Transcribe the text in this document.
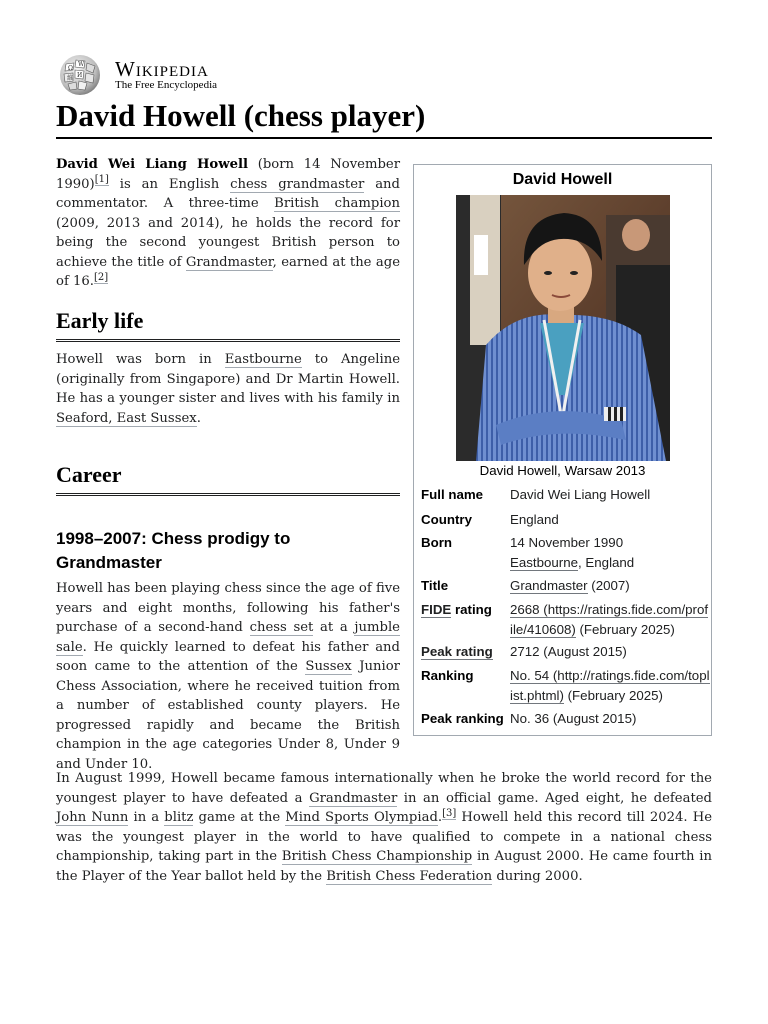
Ω
W
И
維 Wikipedia
The Free Encyclopedia
David Howell (chess player)

David Wei Liang Howell (born 14 November 1990)[1] is an English chess grandmaster and commentator. A three-time British champion (2009, 2013 and 2014), he holds the record for being the second youngest British person to achieve the title of Grandmaster, earned at the age of 16.[2]

Early life

Howell was born in Eastbourne to Angeline (originally from Singapore) and Dr Martin Howell. He has a younger sister and lives with his family in Seaford, East Sussex.

Career
1998–2007: Chess prodigy to Grandmaster

Howell has been playing chess since the age of five years and eight months, following his father's purchase of a second-hand chess set at a jumble sale. He quickly learned to defeat his father and soon came to the attention of the Sussex Junior Chess Association, where he received tuition from a number of established county players. He progressed rapidly and became the British champion in the age categories Under 8, Under 9 and Under 10.

In August 1999, Howell became famous internationally when he broke the world record for the youngest player to have defeated a Grandmaster in an official game. Aged eight, he defeated John Nunn in a blitz game at the Mind Sports Olympiad.[3] Howell held this record till 2024. He was the youngest player in the world to have qualified to compete in a national chess championship, taking part in the British Chess Championship in August 2000. He came fourth in the Player of the Year ballot held by the British Chess Federation during 2000.

David Howell
David Howell, Warsaw 2013
Full name David Wei Liang Howell
Country	England
Born	14 November 1990
Eastbourne, England
Title	Grandmaster (2007)
FIDE rating 2668 (https://ratings.fide.com/profile/410608) (February 2025)
Peak rating 2712 (August 2015)
Ranking	No. 54 (http://ratings.fide.com/toplist.phtml) (February 2025)
Peak ranking No. 36 (August 2015)
